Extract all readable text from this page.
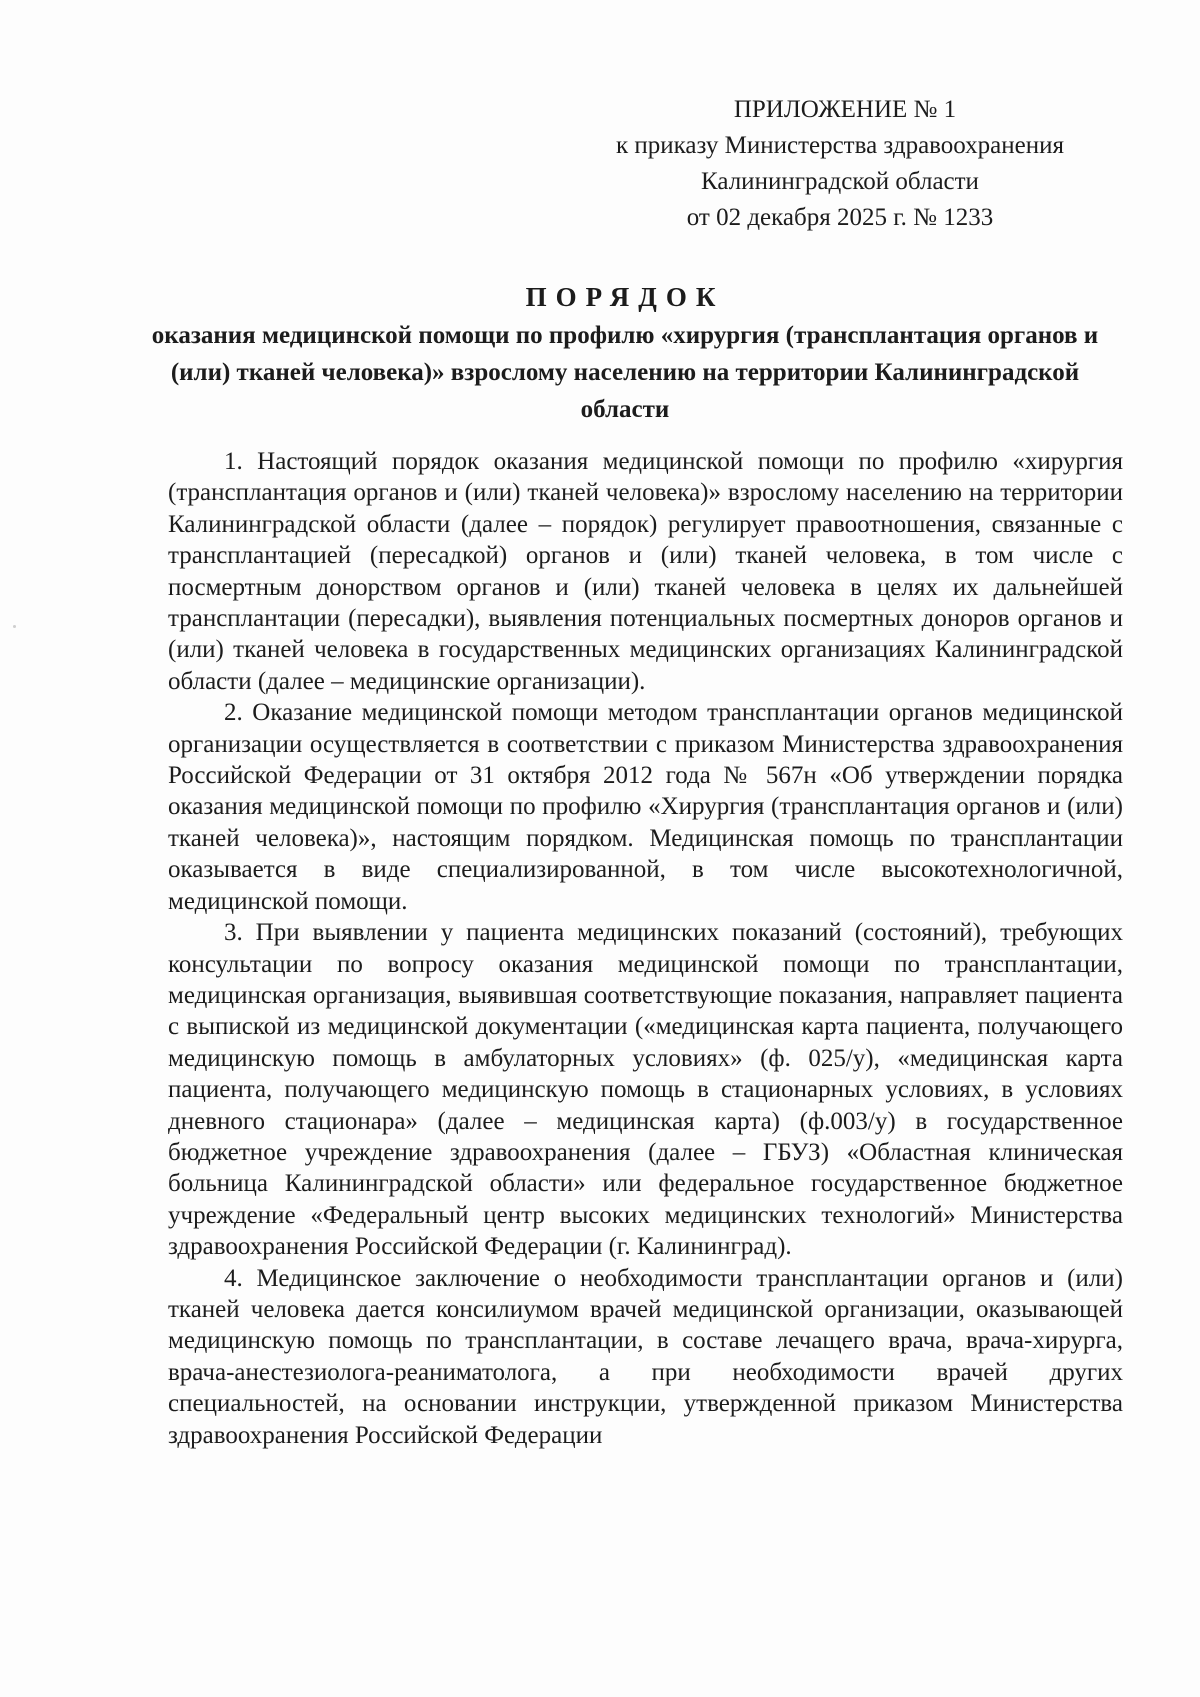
ПРИЛОЖЕНИЕ № 1
к приказу Министерства здравоохранения
Калининградской области
от 02 декабря 2025 г. № 1233
ПОРЯДОК
оказания медицинской помощи по профилю «хирургия (трансплантация органов и (или) тканей человека)» взрослому населению на территории Калининградской области

1. Настоящий порядок оказания медицинской помощи по профилю «хирургия (трансплантация органов и (или) тканей человека)» взрослому населению на территории Калининградской области (далее – порядок) регулирует правоотношения, связанные с трансплантацией (пересадкой) органов и (или) тканей человека, в том числе с посмертным донорством органов и (или) тканей человека в целях их дальнейшей трансплантации (пересадки), выявления потенциальных посмертных доноров органов и (или) тканей человека в государственных медицинских организациях Калининградской области (далее – медицинские организации).

2. Оказание медицинской помощи методом трансплантации органов медицинской организации осуществляется в соответствии с приказом Министерства здравоохранения Российской Федерации от 31 октября 2012 года № 567н «Об утверждении порядка оказания медицинской помощи по профилю «Хирургия (трансплантация органов и (или) тканей человека)», настоящим порядком. Медицинская помощь по трансплантации оказывается в виде специализированной, в том числе высокотехнологичной, медицинской помощи.

3. При выявлении у пациента медицинских показаний (состояний), требующих консультации по вопросу оказания медицинской помощи по трансплантации, медицинская организация, выявившая соответствующие показания, направляет пациента с выпиской из медицинской документации («медицинская карта пациента, получающего медицинскую помощь в амбулаторных условиях» (ф. 025/у), «медицинская карта пациента, получающего медицинскую помощь в стационарных условиях, в условиях дневного стационара» (далее – медицинская карта) (ф.003/у) в государственное бюджетное учреждение здравоохранения (далее – ГБУЗ) «Областная клиническая больница Калининградской области» или федеральное государственное бюджетное учреждение «Федеральный центр высоких медицинских технологий» Министерства здравоохранения Российской Федерации (г. Калининград).

4. Медицинское заключение о необходимости трансплантации органов и (или) тканей человека дается консилиумом врачей медицинской организации, оказывающей медицинскую помощь по трансплантации, в составе лечащего врача, врача-хирурга, врача-анестезиолога-реаниматолога, а при необходимости врачей других специальностей, на основании инструкции, утвержденной приказом Министерства здравоохранения Российской Федерации
